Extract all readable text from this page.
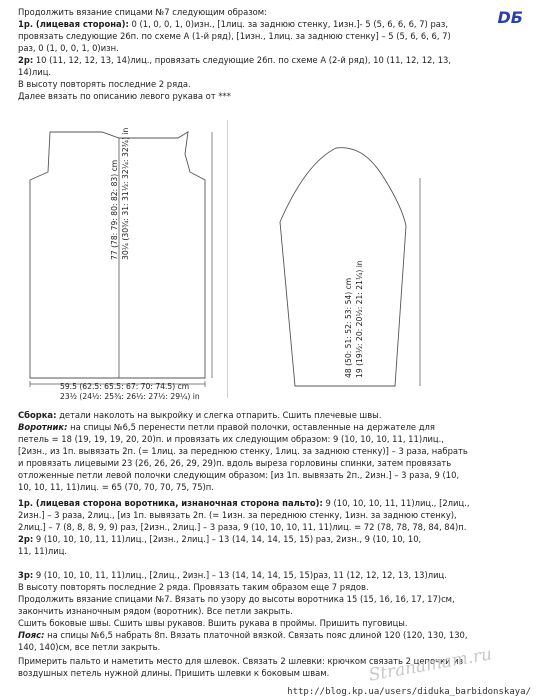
DБ
Продолжить вязание спицами №7 следующим образом:
1р. (лицевая сторона): 0 (1, 0, 0, 1, 0)изн., [1лиц. за заднюю стенку, 1изн.]- 5 (5, 6, 6, 6, 7) раз,
провязать следующие 26п. по схеме А (1-й ряд), [1изн., 1лиц. за заднюю стенку] – 5 (5, 6, 6, 6, 7)
раз, 0 (1, 0, 0, 1, 0)изн.
2р: 10 (11, 12, 12, 13, 14)лиц., провязать следующие 26п. по схеме А (2-й ряд), 10 (11, 12, 12, 13,
14)лиц.
В высоту повторять последние 2 ряда.
Далее вязать по описанию левого рукава от ***
59.5 (62.5: 65.5: 67: 70: 74.5) cm
23½ (24½: 25¾: 26½: 27½: 29¼) in
77 (78: 79: 80: 82: 83) cm 30¼ (30¾: 31: 31½: 32¼: 32¾) in
48 (50: 51: 52: 53: 54) cm 19 (19½: 20: 20½: 21: 21¼) in
Сборка: детали наколоть на выкройку и слегка отпарить. Сшить плечевые швы.
Воротник: на спицы №6,5 перенести петли правой полочки, оставленные на держателе для
петель = 18 (19, 19, 19, 20, 20)п. и провязать их следующим образом: 9 (10, 10, 10, 11, 11)лиц.,
[2изн., из 1п. вывязать 2п. (= 1лиц. за переднюю стенку, 1лиц. за заднюю стенку)] – 3 раза, набрать
и провязать лицевыми 23 (26, 26, 26, 29, 29)п. вдоль выреза горловины спинки, затем провязать
отложенные петли левой полочки следующим образом: [из 1п. вывязать 2п., 2изн.] – 3 раза, 9 (10,
10, 10, 11, 11)лиц. = 65 (70, 70, 70, 75, 75)п.
1р. (лицевая сторона воротника, изнаночная сторона пальто): 9 (10, 10, 10, 11, 11)лиц., [2лиц.,
2изн.] – 3 раза, 2лиц., [из 1п. вывязать 2п. (= 1изн. за переднюю стенку, 1изн. за заднюю стенку),
2лиц.] – 7 (8, 8, 8, 9, 9) раз, [2изн., 2лиц.] – 3 раза, 9 (10, 10, 10, 11, 11)лиц. = 72 (78, 78, 78, 84, 84)п.
2р: 9 (10, 10, 10, 11, 11)лиц., [2изн., 2лиц.] – 13 (14, 14, 14, 15, 15) раз, 2изн., 9 (10, 10, 10,
11, 11)лиц.
3р: 9 (10, 10, 10, 11, 11)лиц., [2лиц., 2изн.] – 13 (14, 14, 14, 15, 15)раз, 11 (12, 12, 12, 13, 13)лиц.
В высоту повторять последние 2 ряда. Провязать таким образом еще 7 рядов.
Продолжить вязание спицами №7. Вязать по узору до высоты воротника 15 (15, 16, 16, 17, 17)см,
закончить изнаночным рядом (воротник). Все петли закрыть.
Сшить боковые швы. Сшить швы рукавов. Вшить рукава в проймы. Пришить пуговицы.
Пояс: на спицы №6,5 набрать 8п. Вязать платочной вязкой. Связать пояс длиной 120 (120, 130, 130,
140, 140)см, все петли закрыть.
Примерить пальто и наметить место для шлевок. Связать 2 шлевки: крючком связать 2 цепочки из
воздушных петель нужной длины. Пришить шлевки к боковым швам. Stranamam.ru
http://blog.kp.ua/users/diduka_barbidonskaya/
